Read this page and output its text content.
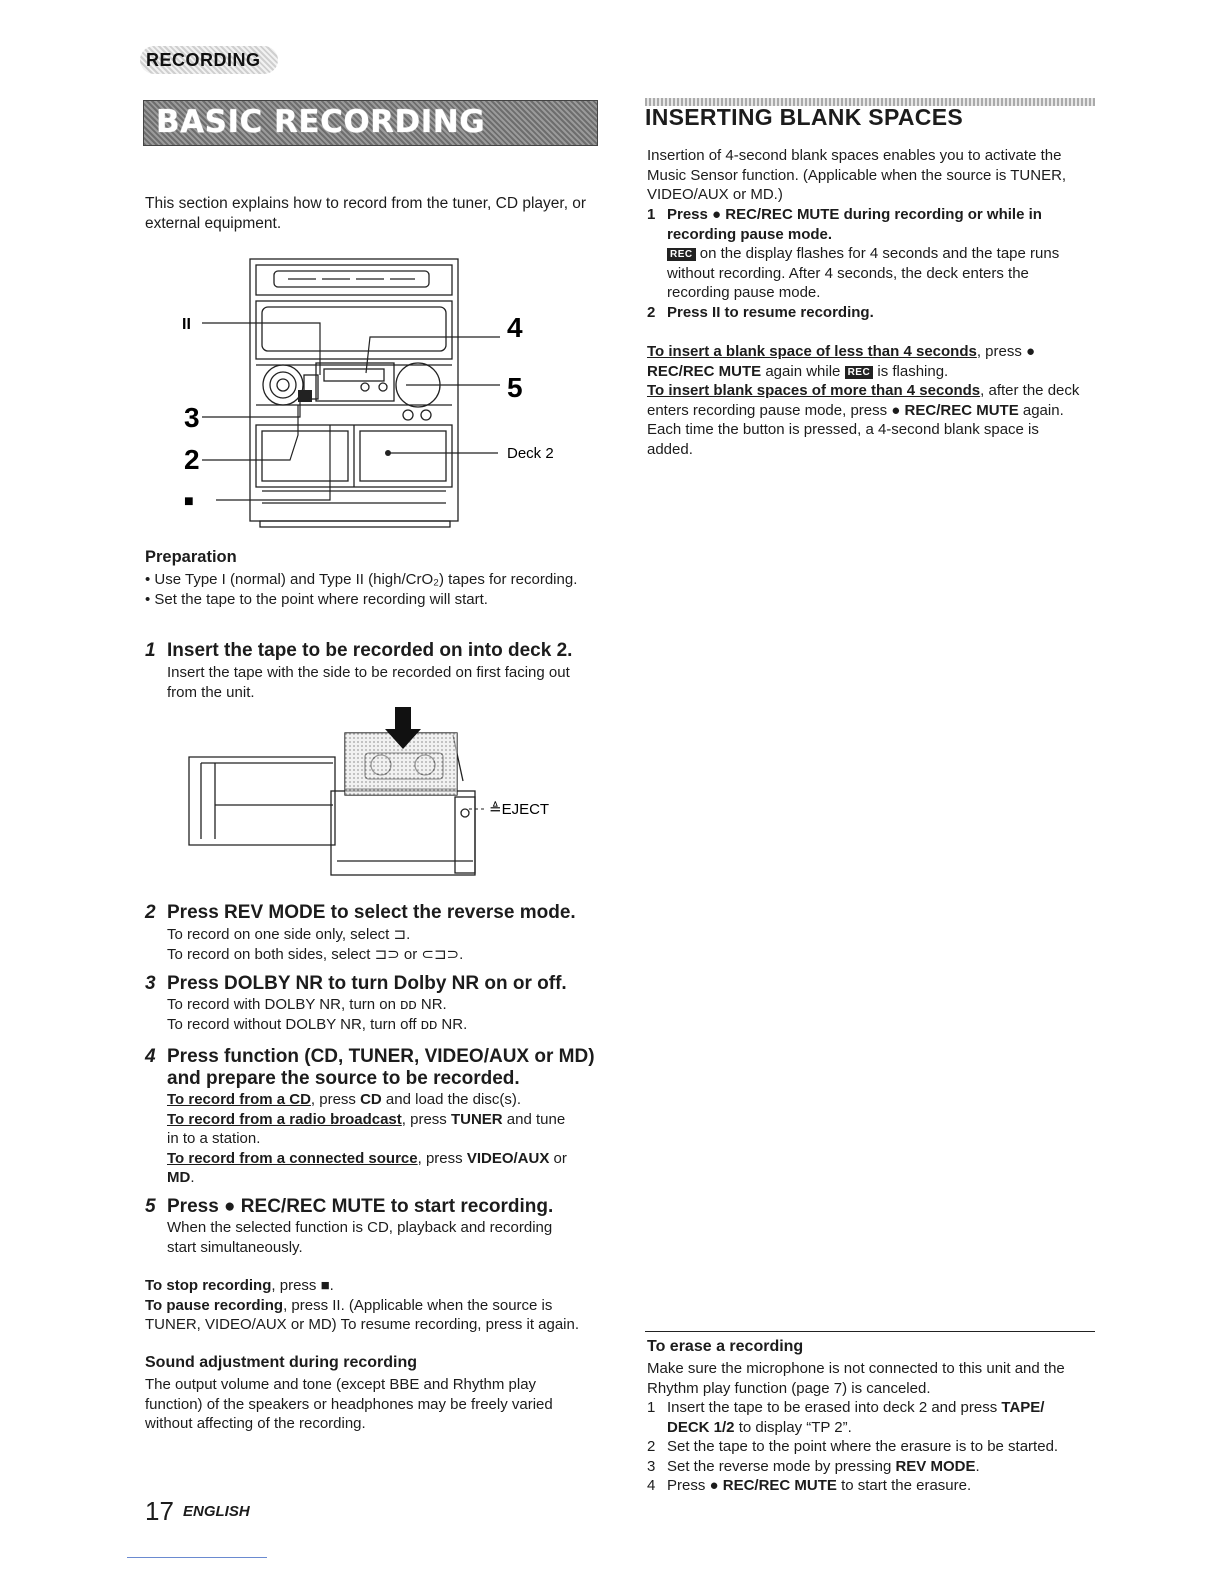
RECORDING
BASIC RECORDING
This section explains how to record from the tuner, CD player, or external equipment.
II	4
5
3
2	Deck 2
■
Preparation
• Use Type I (normal) and Type II (high/CrO₂) tapes for recording.
• Set the tape to the point where recording will start.
1 Insert the tape to be recorded on into deck 2.
Insert the tape with the side to be recorded on first facing out
from the unit.
≜EJECT
2 Press REV MODE to select the reverse mode.
To record on one side only, select ⊐.
To record on both sides, select ⊐⊃ or ⊂⊐⊃.
3 Press DOLBY NR to turn Dolby NR on or off.
To record with DOLBY NR, turn on ᴅᴅ NR.
To record without DOLBY NR, turn off ᴅᴅ NR.
4 Press function (CD, TUNER, VIDEO/AUX or MD)
and prepare the source to be recorded.
To record from a CD, press CD and load the disc(s).
To record from a radio broadcast, press TUNER and tune
in to a station.
To record from a connected source, press VIDEO/AUX or
MD.
5 Press ● REC/REC MUTE to start recording.
When the selected function is CD, playback and recording
start simultaneously.
To stop recording, press ■.
To pause recording, press II. (Applicable when the source is
TUNER, VIDEO/AUX or MD) To resume recording, press it again.
Sound adjustment during recording
The output volume and tone (except BBE and Rhythm play
function) of the speakers or headphones may be freely varied
without affecting of the recording.
17 ENGLISH
INSERTING BLANK SPACES
Insertion of 4-second blank spaces enables you to activate the
Music Sensor function. (Applicable when the source is TUNER,
VIDEO/AUX or MD.)
1 Press ● REC/REC MUTE during recording or while in
recording pause mode.
REC on the display flashes for 4 seconds and the tape runs
without recording. After 4 seconds, the deck enters the
recording pause mode.
2 Press II to resume recording.
To insert a blank space of less than 4 seconds, press ●
REC/REC MUTE again while REC is flashing.
To insert blank spaces of more than 4 seconds, after the deck
enters recording pause mode, press ● REC/REC MUTE again.
Each time the button is pressed, a 4-second blank space is
added.
To erase a recording
Make sure the microphone is not connected to this unit and the
Rhythm play function (page 7) is canceled.
1 Insert the tape to be erased into deck 2 and press TAPE/
DECK 1/2 to display “TP 2”.
2 Set the tape to the point where the erasure is to be started.
3 Set the reverse mode by pressing REV MODE.
4 Press ● REC/REC MUTE to start the erasure.
